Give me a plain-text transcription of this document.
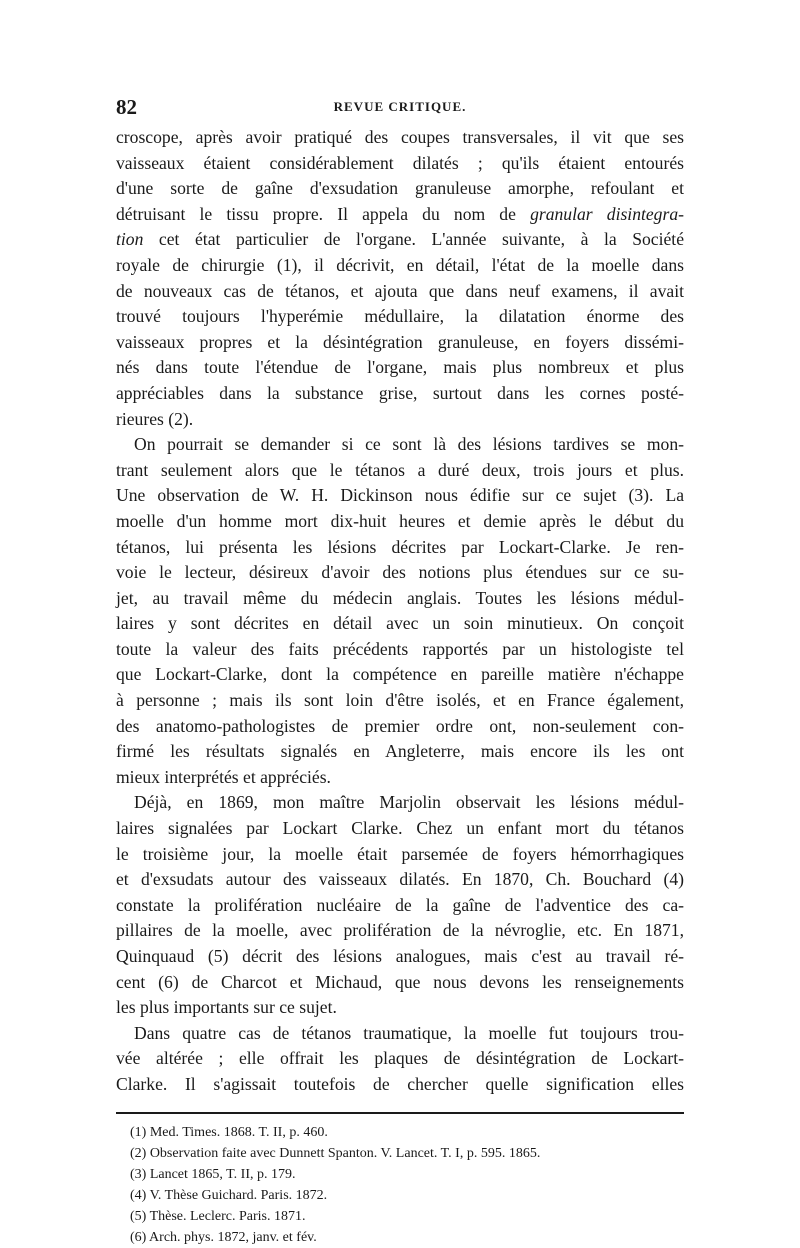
82	REVUE CRITIQUE.
croscope, après avoir pratiqué des coupes transversales, il vit que ses
vaisseaux étaient considérablement dilatés ; qu'ils étaient entourés
d'une sorte de gaîne d'exsudation granuleuse amorphe, refoulant et
détruisant le tissu propre. Il appela du nom de granular disintegra-
tion cet état particulier de l'organe. L'année suivante, à la Société
royale de chirurgie (1), il décrivit, en détail, l'état de la moelle dans
de nouveaux cas de tétanos, et ajouta que dans neuf examens, il avait
trouvé toujours l'hyperémie médullaire, la dilatation énorme des
vaisseaux propres et la désintégration granuleuse, en foyers dissémi-
nés dans toute l'étendue de l'organe, mais plus nombreux et plus
appréciables dans la substance grise, surtout dans les cornes posté-
rieures (2).
On pourrait se demander si ce sont là des lésions tardives se mon-
trant seulement alors que le tétanos a duré deux, trois jours et plus.
Une observation de W. H. Dickinson nous édifie sur ce sujet (3). La
moelle d'un homme mort dix-huit heures et demie après le début du
tétanos, lui présenta les lésions décrites par Lockart-Clarke. Je ren-
voie le lecteur, désireux d'avoir des notions plus étendues sur ce su-
jet, au travail même du médecin anglais. Toutes les lésions médul-
laires y sont décrites en détail avec un soin minutieux. On conçoit
toute la valeur des faits précédents rapportés par un histologiste tel
que Lockart-Clarke, dont la compétence en pareille matière n'échappe
à personne ; mais ils sont loin d'être isolés, et en France également,
des anatomo-pathologistes de premier ordre ont, non-seulement con-
firmé les résultats signalés en Angleterre, mais encore ils les ont
mieux interprétés et appréciés.
Déjà, en 1869, mon maître Marjolin observait les lésions médul-
laires signalées par Lockart Clarke. Chez un enfant mort du tétanos
le troisième jour, la moelle était parsemée de foyers hémorrhagiques
et d'exsudats autour des vaisseaux dilatés. En 1870, Ch. Bouchard (4)
constate la prolifération nucléaire de la gaîne de l'adventice des ca-
pillaires de la moelle, avec prolifération de la névroglie, etc. En 1871,
Quinquaud (5) décrit des lésions analogues, mais c'est au travail ré-
cent (6) de Charcot et Michaud, que nous devons les renseignements
les plus importants sur ce sujet.
Dans quatre cas de tétanos traumatique, la moelle fut toujours trou-
vée altérée ; elle offrait les plaques de désintégration de Lockart-
Clarke. Il s'agissait toutefois de chercher quelle signification elles
(1) Med. Times. 1868. T. II, p. 460.
(2) Observation faite avec Dunnett Spanton. V. Lancet. T. I, p. 595. 1865.
(3) Lancet 1865, T. II, p. 179.
(4) V. Thèse Guichard. Paris. 1872.
(5) Thèse. Leclerc. Paris. 1871.
(6) Arch. phys. 1872, janv. et fév.
